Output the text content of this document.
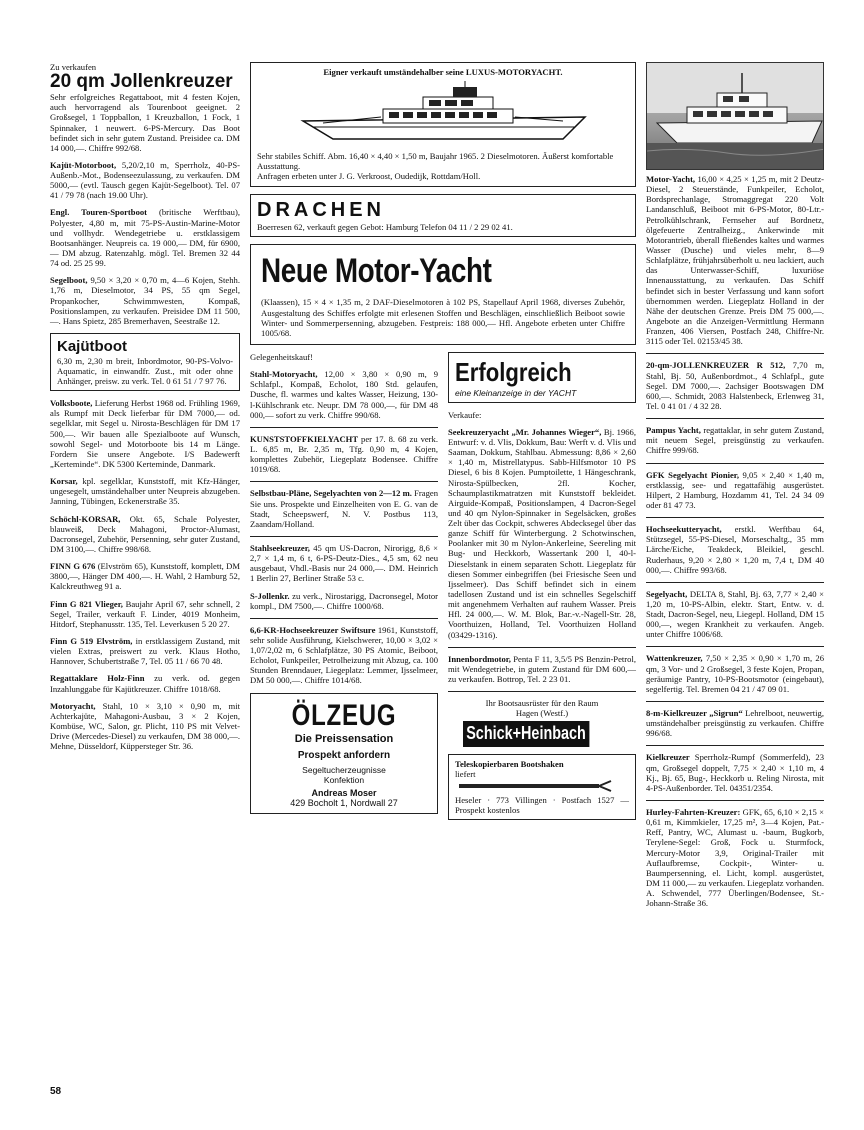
Zu verkaufen
20 qm Jollenkreuzer

Sehr erfolgreiches Regattaboot, mit 4 festen Kojen, auch hervorragend als Tourenboot geeignet. 2 Großsegel, 1 Toppballon, 1 Kreuzballon, 1 Fock, 1 Spinnaker, 1 neuwert. 6-PS-Mercury. Das Boot befindet sich in sehr gutem Zustand. Preisidee ca. DM 14 000,—. Chiffre 992/68.

Kajüt-Motorboot, 5,20/2,10 m, Sperrholz, 40-PS-Außenb.-Mot., Bodenseezulassung, zu verkaufen. DM 5000,— (evtl. Tausch gegen Kajüt-Segelboot). Tel. 07 41 / 79 78 (nach 19.00 Uhr).
Engl. Touren-Sportboot (britische Werftbau), Polyester, 4,80 m, mit 75-PS-Austin-Marine-Motor und vollhydr. Wendegetriebe u. erstklassigem Bootsanhänger. Neupreis ca. 19 000,— DM, für 6900,— DM abzug. Ratenzahlg. mögl. Tel. Bremen 32 44 74 od. 25 25 99.
Segelboot, 9,50 × 3,20 × 0,70 m, 4—6 Kojen, Stehh. 1,76 m, Dieselmotor, 34 PS, 55 qm Segel, Propankocher, Schwimmwesten, Kompaß, Positionslampen, zu verkaufen. Preisidee DM 11 500,—. Hans Spietz, 285 Bremerhaven, Seestraße 12.
Kajütboot

6,30 m, 2,30 m breit, Inbordmotor, 90-PS-Volvo-Aquamatic, in einwandfr. Zust., mit oder ohne Anhänger, preisw. zu verk. Tel. 0 61 51 / 7 97 76.

Volksboote, Lieferung Herbst 1968 od. Frühling 1969, als Rumpf mit Deck lieferbar für DM 7000,— od. segelklar, mit Segel u. Nirosta-Beschlägen für DM 17 500,—. Wir bauen alle Spezialboote auf Wunsch, sowohl Segel- und Motorboote bis 14 m Länge. Fordern Sie unsere Angebote. I/S Badewerft „Kerteminde“. DK 5300 Kerteminde, Danmark.
Korsar, kpl. segelklar, Kunststoff, mit Kfz-Hänger, ungesegelt, umständehalber unter Neupreis abzugeben. Janning, Tübingen, Eckenerstraße 35.
Schöchl-KORSAR, Okt. 65, Schale Polyester, blauweiß, Deck Mahagoni, Proctor-Alumast, Dacronsegel, Zubehör, Persenning, sehr guter Zustand, DM 3100,—. Chiffre 998/68.
FINN G 676 (Elvström 65), Kunststoff, komplett, DM 3800,—, Hänger DM 400,—. H. Wahl, 2 Hamburg 52, Kalckreuthweg 91 a.
Finn G 821 Vlieger, Baujahr April 67, sehr schnell, 2 Segel, Trailer, verkauft F. Linder, 4019 Monheim, Hitdorf, Stephanusstr. 135, Tel. Leverkusen 5 20 27.
Finn G 519 Elvström, in erstklassigem Zustand, mit vielen Extras, preiswert zu verk. Klaus Hotho, Hannover, Schubertstraße 7, Tel. 05 11 / 66 70 48.
Regattaklare Holz-Finn zu verk. od. gegen Inzahlunggabe für Kajütkreuzer. Chiffre 1018/68.
Motoryacht, Stahl, 10 × 3,10 × 0,90 m, mit Achterkajüte, Mahagoni-Ausbau, 3 × 2 Kojen, Kombüse, WC, Salon, gr. Plicht, 110 PS mit Velvet-Drive (Mercedes-Diesel) zu verkaufen, DM 38 000,—. Mehne, Düsseldorf, Küppersteger Str. 36.
Eigner verkauft umständehalber seine LUXUS-MOTORYACHT.

Sehr stabiles Schiff. Abm. 16,40 × 4,40 × 1,50 m, Baujahr 1965. 2 Dieselmotoren. Äußerst komfortable Ausstattung.

Anfragen erbeten unter J. G. Verkroost, Oudedijk, Rottdam/Holl.

DRACHEN

Boerresen 62, verkauft gegen Gebot: Hamburg Telefon 04 11 / 2 29 02 41.

Neue Motor-Yacht

(Klaassen), 15 × 4 × 1,35 m, 2 DAF-Dieselmotoren à 102 PS, Stapellauf April 1968, diverses Zubehör, Ausgestaltung des Schiffes erfolgte mit erlesenen Stoffen und Beschlägen, einschließlich Beiboot sowie Winter- und Sommerpersenning, abzugeben. Festpreis: 188 000,— Hfl. Angebote erbeten unter Chiffre 1005/68.

Gelegenheitskauf!
Stahl-Motoryacht, 12,00 × 3,80 × 0,90 m, 9 Schlafpl., Kompaß, Echolot, 180 Std. gelaufen, Dusche, fl. warmes und kaltes Wasser, Heizung, 130-l-Kühlschrank etc. Neupr. DM 78 000,—, für DM 48 000,— sofort zu verk. Chiffre 990/68.
KUNSTSTOFFKIELYACHT per 17. 8. 68 zu verk. L. 6,85 m, Br. 2,35 m, Tfg. 0,90 m, 4 Kojen, komplettes Zubehör, Liegeplatz Bodensee. Chiffre 1019/68.
Selbstbau-Pläne, Segelyachten von 2—12 m. Fragen Sie uns. Prospekte und Einzelheiten von E. G. van de Stadt, Scheepswerf, N. V. Postbus 113, Zaandam/Holland.
Stahlseekreuzer, 45 qm US-Dacron, Nirorigg, 8,6 × 2,7 × 1,4 m, 6 t, 6-PS-Deutz-Dies., 4,5 sm, 62 neu ausgebaut, Vhdl.-Basis nur 24 000,—. DM. Heinrich 1 Berlin 27, Berliner Straße 53 c.
S-Jollenkr. zu verk., Nirostarigg, Dacronsegel, Motor kompl., DM 7500,—. Chiffre 1000/68.
6,6-KR-Hochseekreuzer Swiftsure 1961, Kunststoff, sehr solide Ausführung, Kielschwerer, 10,00 × 3,02 × 1,07/2,02 m, 6 Schlafplätze, 30 PS Atomic, Beiboot, Echolot, Funkpeiler, Petrolheizung mit Abzug, ca. 100 Stunden Brenndauer, Liegeplatz: Lemmer, Ijsselmeer, DM 50 000,—. Chiffre 1014/68.
ÖLZEUG
Die Preissensation
Prospekt anfordern
Segeltucherzeugnisse
Konfektion
Andreas Moser
429 Bocholt 1, Nordwall 27
Erfolgreich
eine Kleinanzeige in der YACHT
Verkaufe:
Seekreuzeryacht „Mr. Johannes Wieger“, Bj. 1966, Entwurf: v. d. Vlis, Dokkum, Bau: Werft v. d. Vlis und Saaman, Dokkum, Stahlbau. Abmessung: 8,86 × 2,60 × 1,40 m, Mistrellatypus. Sabb-Hilfsmotor 10 PS Diesel, 6 bis 8 Kojen. Pumptoilette, 1 Hängeschrank, Nirosta-Spülbecken, 2fl. Kocher, Schaumplastikmatratzen mit Kunststoff bekleidet. Airguide-Kompaß, Positionslampen, 4 Dacron-Segel und 40 qm Nylon-Spinnaker in Segelsäcken, großes Zelt über das Cockpit, schweres Abdecksegel über das ganze Schiff für Winterbergung. 2 Schotwinschen, Poolanker mit 30 m Nylon-Ankerleine, Seereling mit Bug- und Heckkorb, Wassertank 200 l, 40-l-Dieselstank in einem separaten Schott. Liegeplatz für diesen Sommer einbegriffen (bei Friesische Seen und Ijsselmeer). Das Schiff befindet sich in einem tadellosen Zustand und ist ein schnelles Segelschiff mit angenehmem Verhalten auf rauhem Wasser. Preis Hfl. 24 000,—. W. M. Blok, Bar.-v.-Nagell-Str. 28, Voorthuizen, Holland, Tel. Voorthuizen Holland (03429-1316).
Innenbordmotor, Penta F 11, 3,5/5 PS Benzin-Petrol, mit Wendegetriebe, in gutem Zustand für DM 600,— zu verkaufen. Bottrop, Tel. 2 23 01.
Ihr Bootsausrüster für den Raum
Hagen (Westf.)
Schick+Heinbach
Teleskopierbaren Bootshaken
liefert
Heseler · 773 Villingen · Postfach 1527 — Prospekt kostenlos
Motor-Yacht, 16,00 × 4,25 × 1,25 m, mit 2 Deutz-Diesel, 2 Steuerstände, Funkpeiler, Echolot, Bordsprechanlage, Stromaggregat 220 Volt Landanschluß, Beiboot mit 6-PS-Motor, 80-Ltr.-Petrolkühlschrank, Fernseher auf Bordnetz, ölgefeuerte Zentralheizg., Ankerwinde mit Motorantrieb, überall fließendes kaltes und warmes Wasser (Dusche) und vieles mehr, 8—9 Schlafplätze, frühjahrsüberholt u. neu lackiert, auch das Unterwasser-Schiff, luxuriöse Innenausstattung, zu verkaufen. Das Schiff befindet sich in bester Verfassung und kann sofort übernommen werden. Liegeplatz Holland in der Nähe der deutschen Grenze. Preis DM 75 000,—. Angebote an die Anzeigen-Vermittlung Hermann Franzen, 406 Viersen, Postfach 248, Chiffre-Nr. 3115 oder Tel. 02153/45 38.
20-qm-JOLLENKREUZER R 512, 7,70 m, Stahl, Bj. 50, Außenbordmot., 4 Schlafpl., gute Segel. DM 7000,—. 2achsiger Bootswagen DM 600,—. Schmidt, 2083 Halstenbeck, Erlenweg 31, Tel. 0 41 01 / 4 32 28.
Pampus Yacht, regattaklar, in sehr gutem Zustand, mit neuem Segel, preisgünstig zu verkaufen. Chiffre 999/68.
GFK Segelyacht Pionier, 9,05 × 2,40 × 1,40 m, erstklassig, see- und regattafähig ausgerüstet. Hilpert, 2 Hamburg, Hozdamm 41, Tel. 24 34 09 oder 81 47 73.
Hochseekutteryacht, erstkl. Werftbau 64, Stützsegel, 55-PS-Diesel, Morseschaltg., 35 mm Lärche/Eiche, Teakdeck, Bleikiel, geschl. Ruderhaus, 9,20 × 2,80 × 1,20 m, 7,4 t, DM 40 000,—. Chiffre 993/68.
Segelyacht, DELTA 8, Stahl, Bj. 63, 7,77 × 2,40 × 1,20 m, 10-PS-Albin, elektr. Start, Entw. v. d. Stadt, Dacron-Segel, neu, Liegepl. Holland, DM 15 000,—, wegen Krankheit zu verkaufen. Angeb. unter Chiffre 1006/68.
Wattenkreuzer, 7,50 × 2,35 × 0,90 × 1,70 m, 26 qm, 3 Vor- und 2 Großsegel, 3 feste Kojen, Propan, geräumige Pantry, 10-PS-Bootsmotor (eingebaut), segelfertig. Tel. Bremen 04 21 / 47 09 01.
8-m-Kielkreuzer „Sigrun“ Lehrelboot, neuwertig, umständehalber preisgünstig zu verkaufen. Chiffre 996/68.
Kielkreuzer Sperrholz-Rumpf (Sommerfeld), 23 qm, Großsegel doppelt, 7,75 × 2,40 × 1,10 m, 4 Kj., Bj. 65, Bug-, Heckkorb u. Reling Nirosta, mit 4-PS-Außenborder. Tel. 04351/2354.
Hurley-Fahrten-Kreuzer: GFK, 65, 6,10 × 2,15 × 0,61 m, Kimmkieler, 17,25 m², 3—4 Kojen, Pat.-Reff, Pantry, WC, Alumast u. -baum, Bugkorb, Terylene-Segel: Groß, Fock u. Sturmfock, Mercury-Motor 3,9, Original-Trailer mit Auflaufbremse, Cockpit-, Winter- u. Baumpersenning, el. Licht, kompl. ausgerüstet, DM 11 000,— zu verkaufen. Liegeplatz vorhanden. A. Schwendel, 777 Überlingen/Bodensee, St.-Johann-Straße 36.
58
